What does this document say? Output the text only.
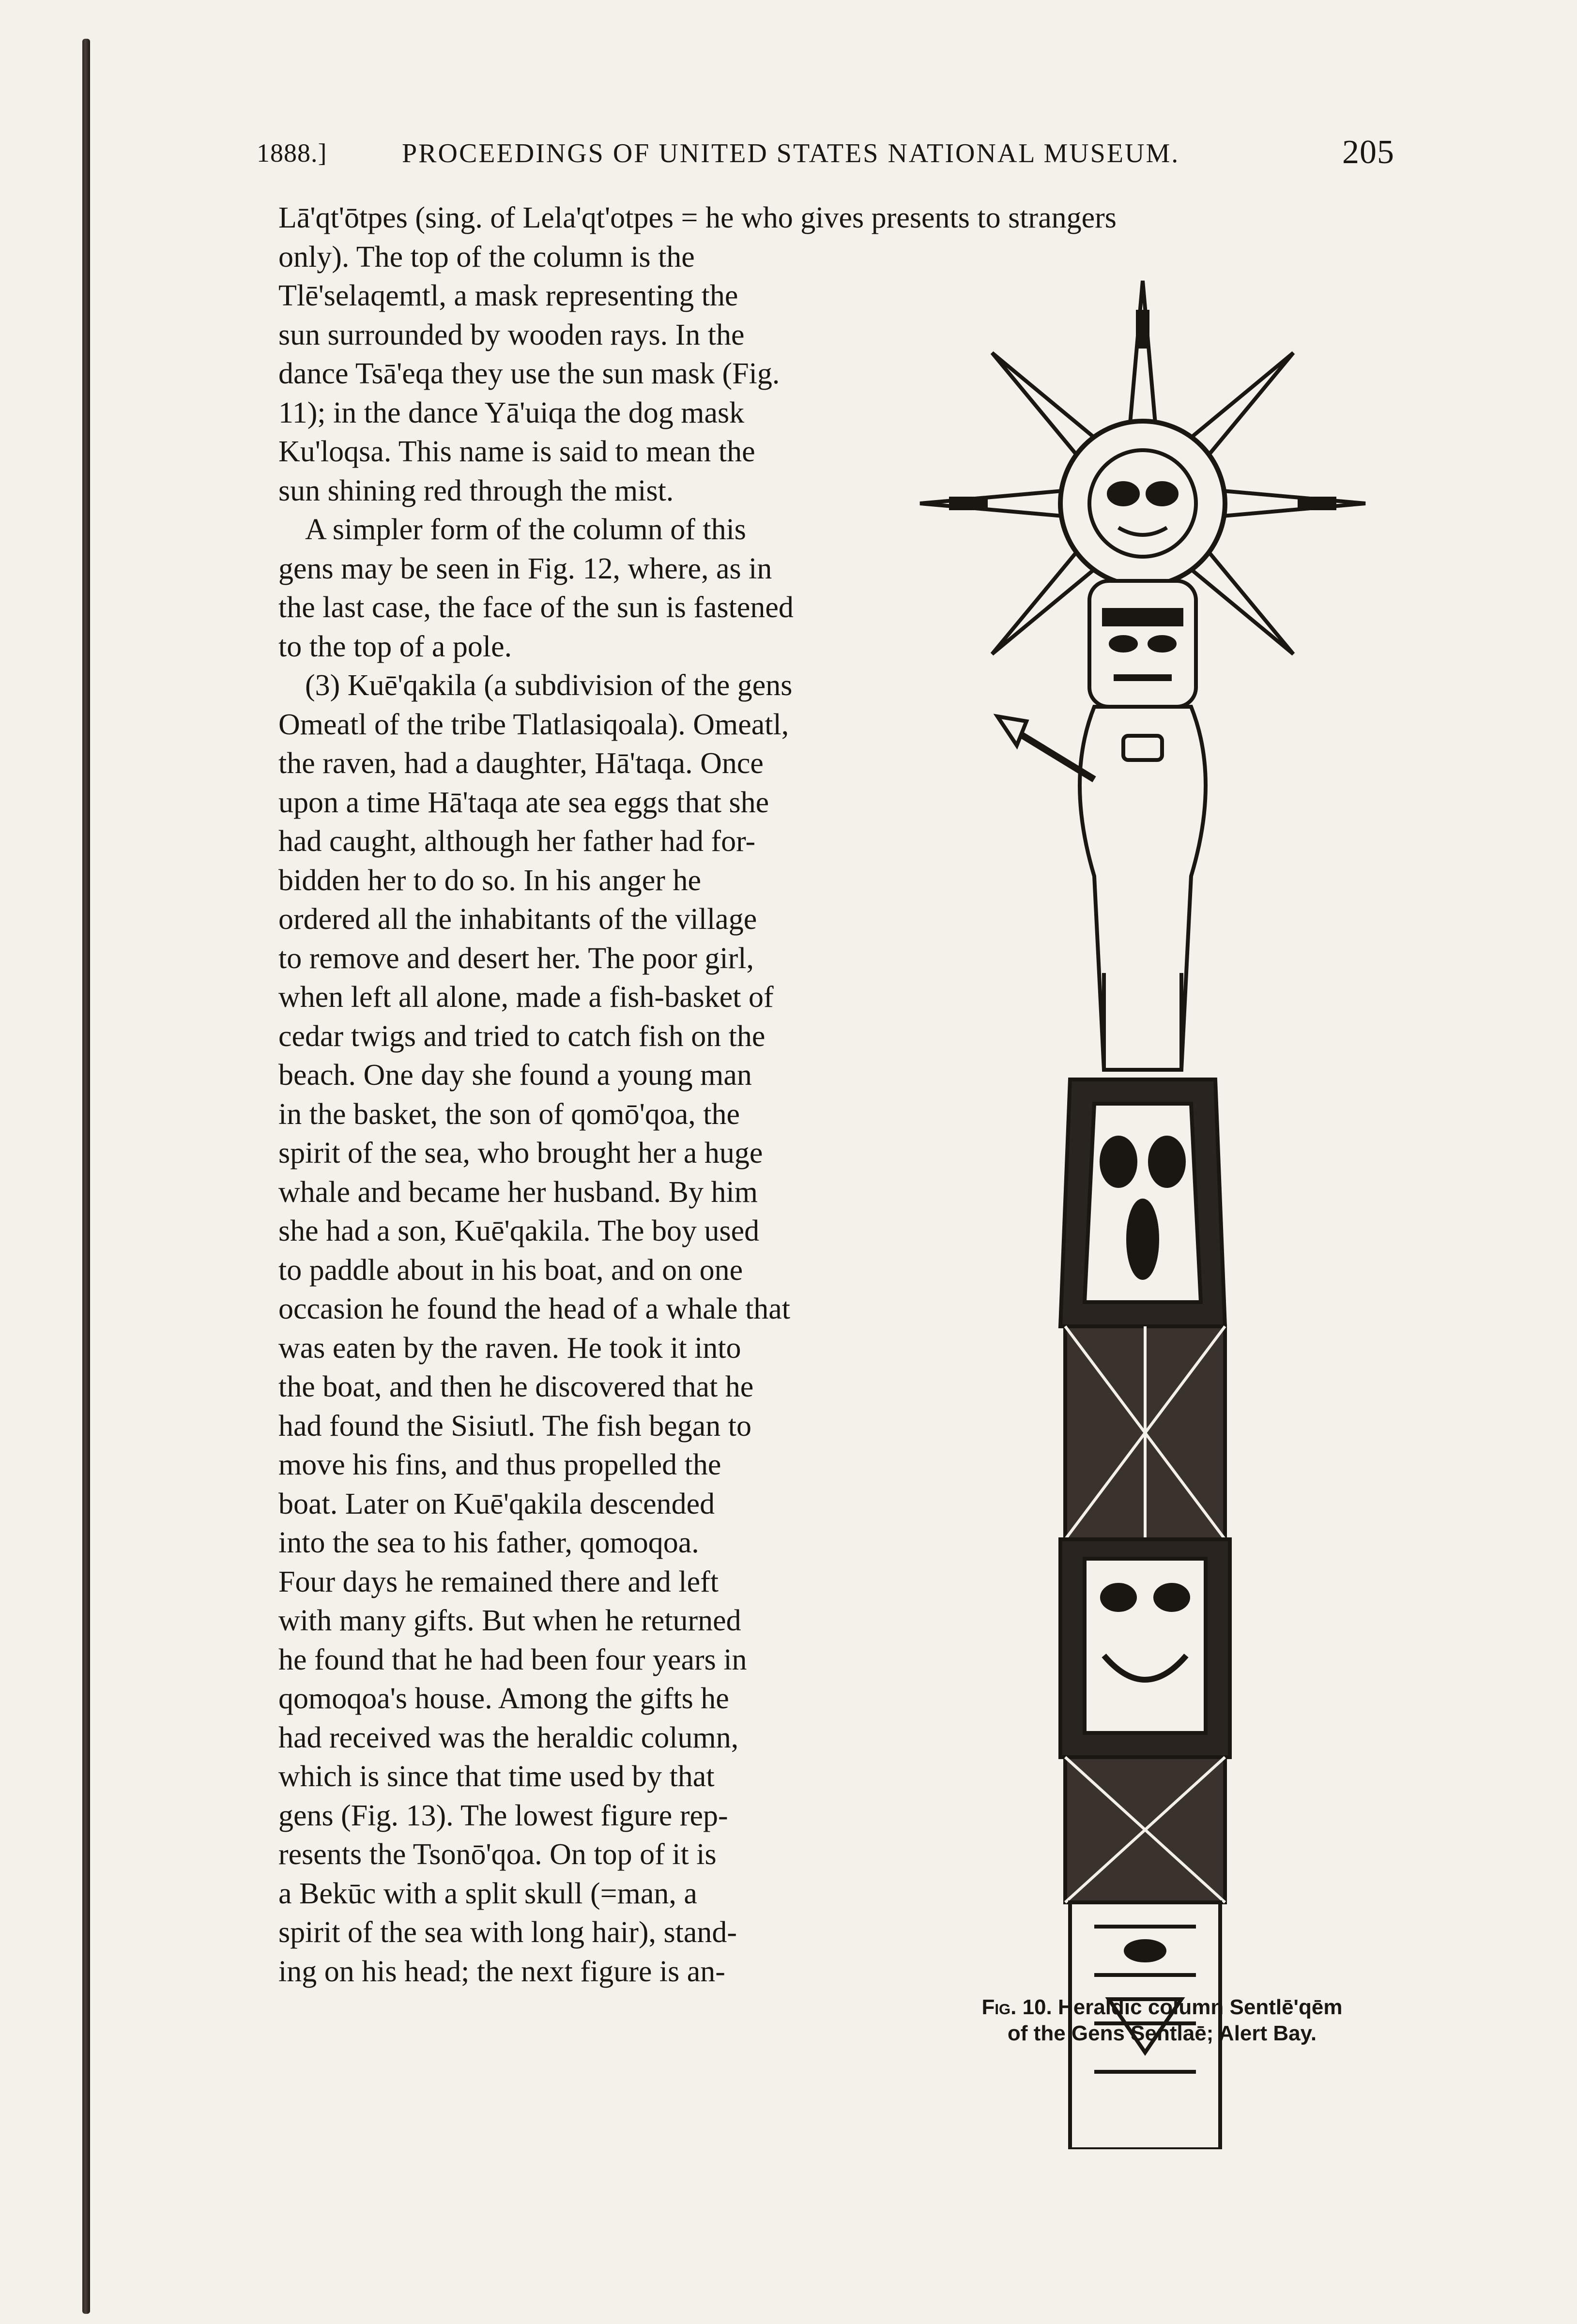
1888.]	PROCEEDINGS OF UNITED STATES NATIONAL MUSEUM.	205
Lā'qt'ōtpes (sing. of Lela'qt'otpes = he who gives presents to strangers
only). The top of the column is the
Tlē'selaqemtl, a mask representing the
sun surrounded by wooden rays. In the
dance Tsā'eqa they use the sun mask (Fig.
11); in the dance Yā'uiqa the dog mask
Ku'loqsa. This name is said to mean the
sun shining red through the mist.
A simpler form of the column of this
gens may be seen in Fig. 12, where, as in
the last case, the face of the sun is fastened
to the top of a pole.
(3) Kuē'qakila (a subdivision of the gens
Omeatl of the tribe Tlatlasiqoala). Omeatl,
the raven, had a daughter, Hā'taqa. Once
upon a time Hā'taqa ate sea eggs that she
had caught, although her father had for-
bidden her to do so. In his anger he
ordered all the inhabitants of the village
to remove and desert her. The poor girl,
when left all alone, made a fish-basket of
cedar twigs and tried to catch fish on the
beach. One day she found a young man
in the basket, the son of qomō'qoa, the
spirit of the sea, who brought her a huge
whale and became her husband. By him
she had a son, Kuē'qakila. The boy used
to paddle about in his boat, and on one
occasion he found the head of a whale that
was eaten by the raven. He took it into
the boat, and then he discovered that he
had found the Sisiutl. The fish began to
move his fins, and thus propelled the
boat. Later on Kuē'qakila descended
into the sea to his father, qomoqoa.
Four days he remained there and left
with many gifts. But when he returned
he found that he had been four years in
qomoqoa's house. Among the gifts he
had received was the heraldic column,
which is since that time used by that
gens (Fig. 13). The lowest figure rep-
resents the Tsonō'qoa. On top of it is
a Bekūc with a split skull (=man, a
spirit of the sea with long hair), stand-
ing on his head; the next figure is an-
Fig. 10. Heraldic column Sentlē'qēm
of the Gens Sentlaē; Alert Bay.
